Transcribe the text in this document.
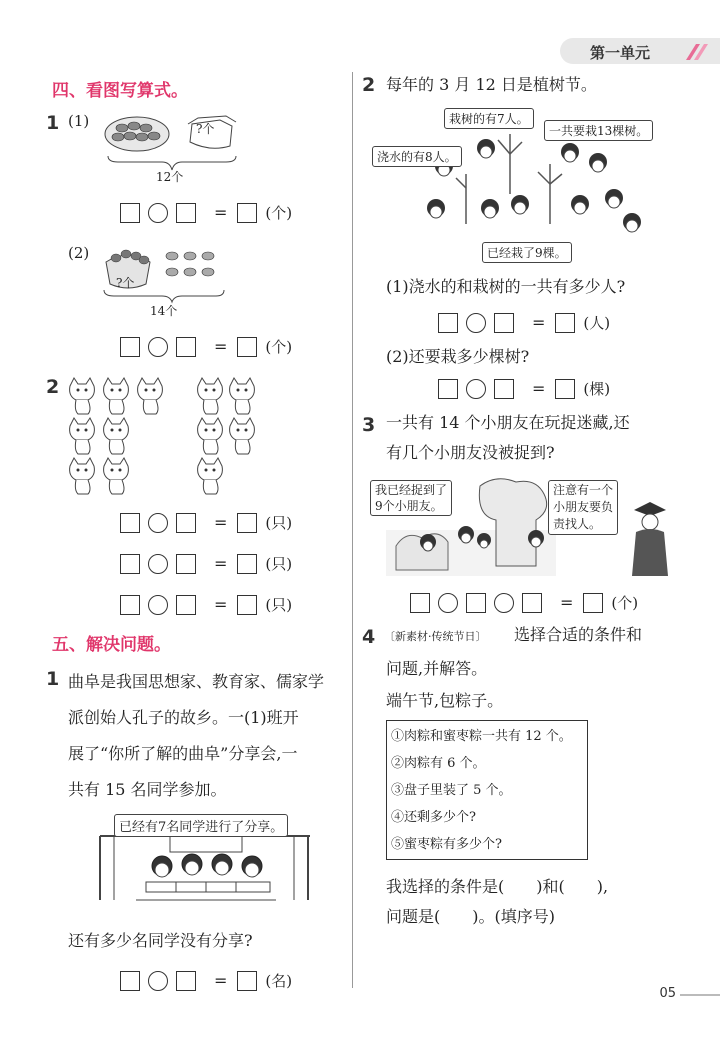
第一单元
四、看图写算式。
1 (1)	?个
12个
=	(个)
(2)
?个
14个
=	(个)
2
=	(只)
=	(只)
=	(只)
五、解决问题。
1 曲阜是我国思想家、教育家、儒家学
派创始人孔子的故乡。一(1)班开
展了“你所了解的曲阜”分享会,一
共有 15 名同学参加。
已经有7名同学进行了分享。
还有多少名同学没有分享?
=	(名)
2 每年的 3 月 12 日是植树节。
栽树的有7人。
一共要栽13棵树。
浇水的有8人。
已经栽了9棵。
(1)浇水的和栽树的一共有多少人?
=	(人)
(2)还要栽多少棵树?
=	(棵)
3 一共有 14 个小朋友在玩捉迷藏,还
有几个小朋友没被捉到?
我已经捉到了
9个小朋友。
注意有一个
小朋友要负
责找人。
=	(个)
4 〔新素材·传统节日〕 选择合适的条件和
问题,并解答。
端午节,包粽子。
①肉粽和蜜枣粽一共有 12 个。
②肉粽有 6 个。
③盘子里装了 5 个。
④还剩多少个?
⑤蜜枣粽有多少个?
我选择的条件是(　　)和(　　),
问题是(　　)。(填序号)
05
